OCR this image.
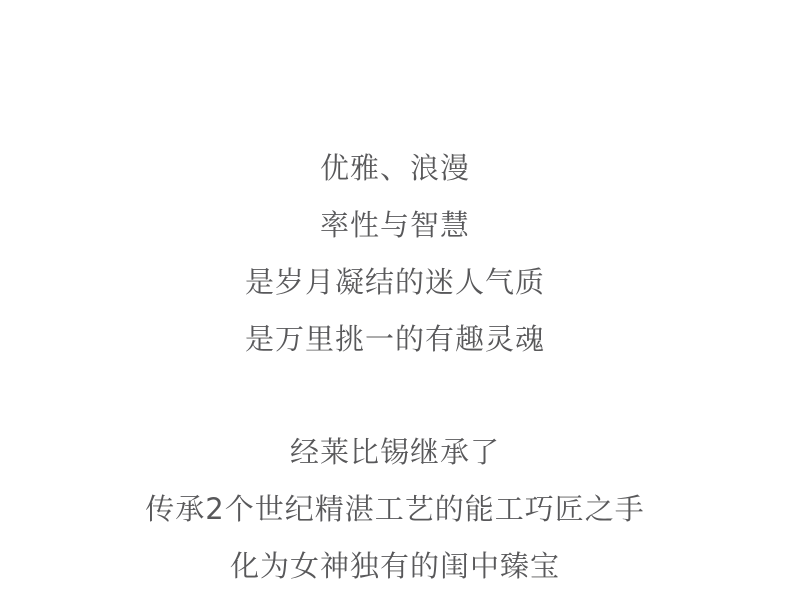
优雅、浪漫
率性与智慧
是岁月凝结的迷人气质
是万里挑一的有趣灵魂
经莱比锡继承了
传承2个世纪精湛工艺的能工巧匠之手
化为女神独有的闺中臻宝
